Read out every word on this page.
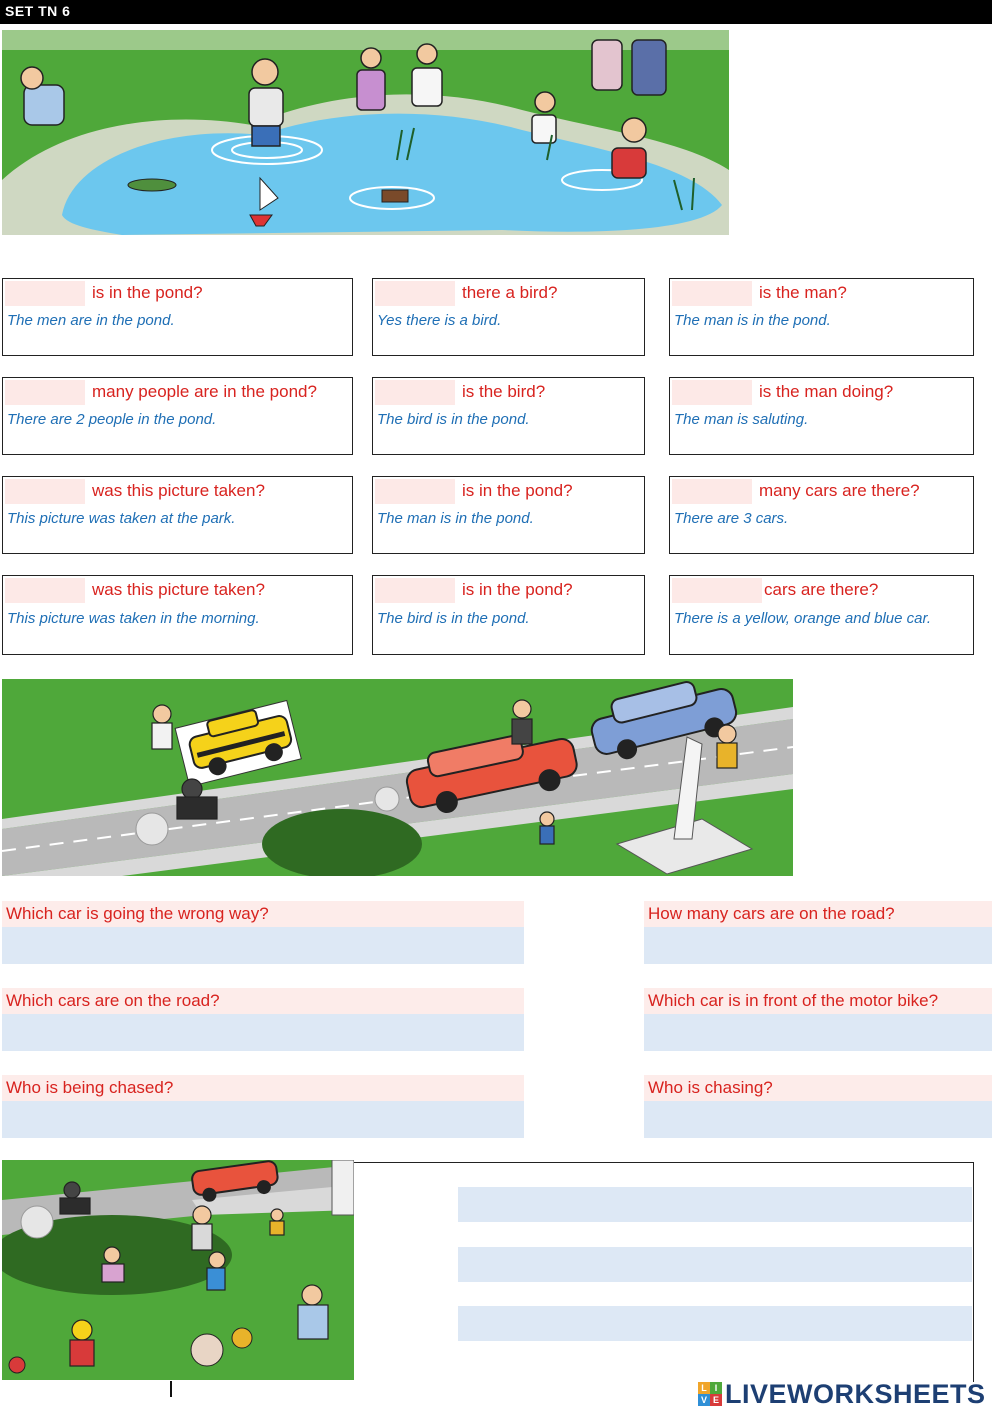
SET TN 6
is in the pond?
The men are in the pond.
there a bird?
Yes there is a bird.
is the man?
The man is in the pond.
many people are in the pond?
There are 2 people in the pond.
is the bird?
The bird is in the pond.
is the man doing?
The man is saluting.
was this picture taken?
This picture was taken at the park.
is in the pond?
The man is in the pond.
many cars are there?
There are 3 cars.
was this picture taken?
This picture was taken in the morning.
is in the pond?
The bird is in the pond.
cars are there?
There is a yellow, orange and blue car.
Which car is going the wrong way?	How many cars are on the road?
Which cars are on the road?	Which car is in front of the motor bike?
Who is being chased?	Who is chasing?
L I
V E LIVEWORKSHEETS
